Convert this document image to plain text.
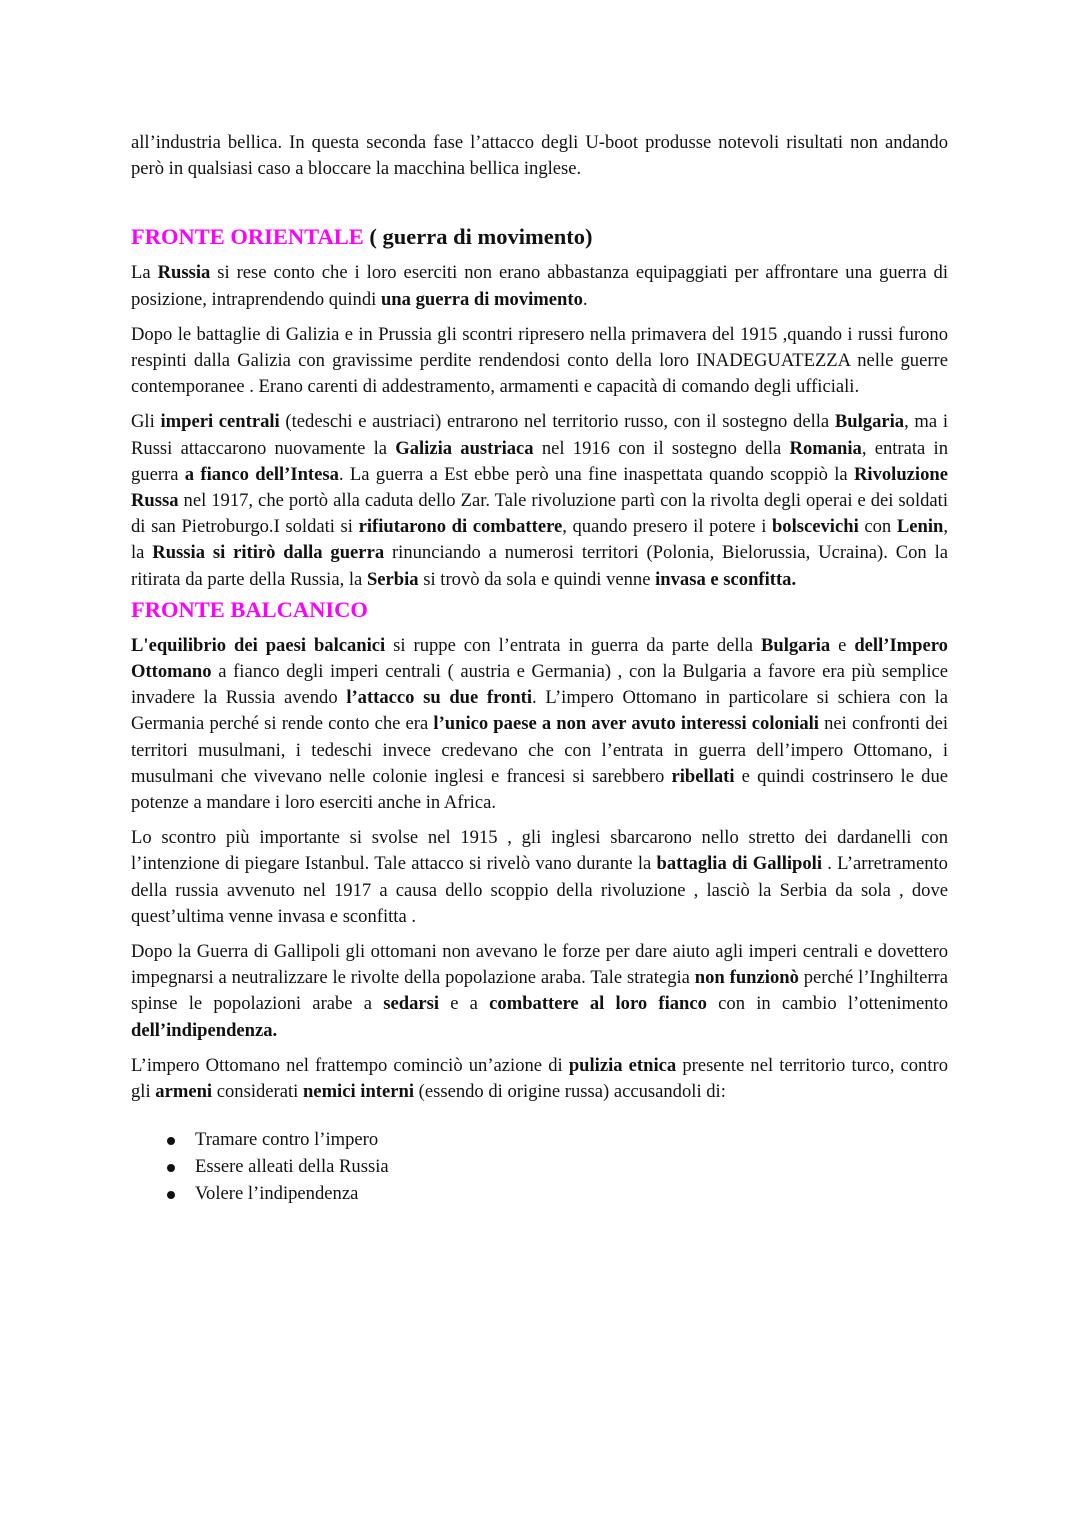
all’industria bellica. In questa seconda fase l’attacco degli U-boot produsse notevoli risultati non andando però in qualsiasi caso a bloccare la macchina bellica inglese.

FRONTE ORIENTALE ( guerra di movimento)

La Russia si rese conto che i loro eserciti non erano abbastanza equipaggiati per affrontare una guerra di posizione, intraprendendo quindi una guerra di movimento.

Dopo le battaglie di Galizia e in Prussia gli scontri ripresero nella primavera del 1915 ,quando i russi furono respinti dalla Galizia con gravissime perdite rendendosi conto della loro INADEGUATEZZA nelle guerre contemporanee . Erano carenti di addestramento, armamenti e capacità di comando degli ufficiali.

Gli imperi centrali (tedeschi e austriaci) entrarono nel territorio russo, con il sostegno della Bulgaria, ma i Russi attaccarono nuovamente la Galizia austriaca nel 1916 con il sostegno della Romania, entrata in guerra a fianco dell’Intesa. La guerra a Est ebbe però una fine inaspettata quando scoppiò la Rivoluzione Russa nel 1917, che portò alla caduta dello Zar. Tale rivoluzione partì con la rivolta degli operai e dei soldati di san Pietroburgo.I soldati si rifiutarono di combattere, quando presero il potere i bolscevichi con Lenin, la Russia si ritirò dalla guerra rinunciando a numerosi territori (Polonia, Bielorussia, Ucraina). Con la ritirata da parte della Russia, la Serbia si trovò da sola e quindi venne invasa e sconfitta.

FRONTE BALCANICO

L'equilibrio dei paesi balcanici si ruppe con l’entrata in guerra da parte della Bulgaria e dell’Impero Ottomano a fianco degli imperi centrali ( austria e Germania) , con la Bulgaria a favore era più semplice invadere la Russia avendo l’attacco su due fronti. L’impero Ottomano in particolare si schiera con la Germania perché si rende conto che era l’unico paese a non aver avuto interessi coloniali nei confronti dei territori musulmani, i tedeschi invece credevano che con l’entrata in guerra dell’impero Ottomano, i musulmani che vivevano nelle colonie inglesi e francesi si sarebbero ribellati e quindi costrinsero le due potenze a mandare i loro eserciti anche in Africa.

Lo scontro più importante si svolse nel 1915 , gli inglesi sbarcarono nello stretto dei dardanelli con l’intenzione di piegare Istanbul. Tale attacco si rivelò vano durante la battaglia di Gallipoli . L’arretramento della russia avvenuto nel 1917 a causa dello scoppio della rivoluzione , lasciò la Serbia da sola , dove quest’ultima venne invasa e sconfitta .

Dopo la Guerra di Gallipoli gli ottomani non avevano le forze per dare aiuto agli imperi centrali e dovettero impegnarsi a neutralizzare le rivolte della popolazione araba. Tale strategia non funzionò perché l’Inghilterra spinse le popolazioni arabe a sedarsi e a combattere al loro fianco con in cambio l’ottenimento dell’indipendenza.

L’impero Ottomano nel frattempo cominciò un’azione di pulizia etnica presente nel territorio turco, contro gli armeni considerati nemici interni (essendo di origine russa) accusandoli di:

Tramare contro l’impero
Essere alleati della Russia
Volere l’indipendenza
